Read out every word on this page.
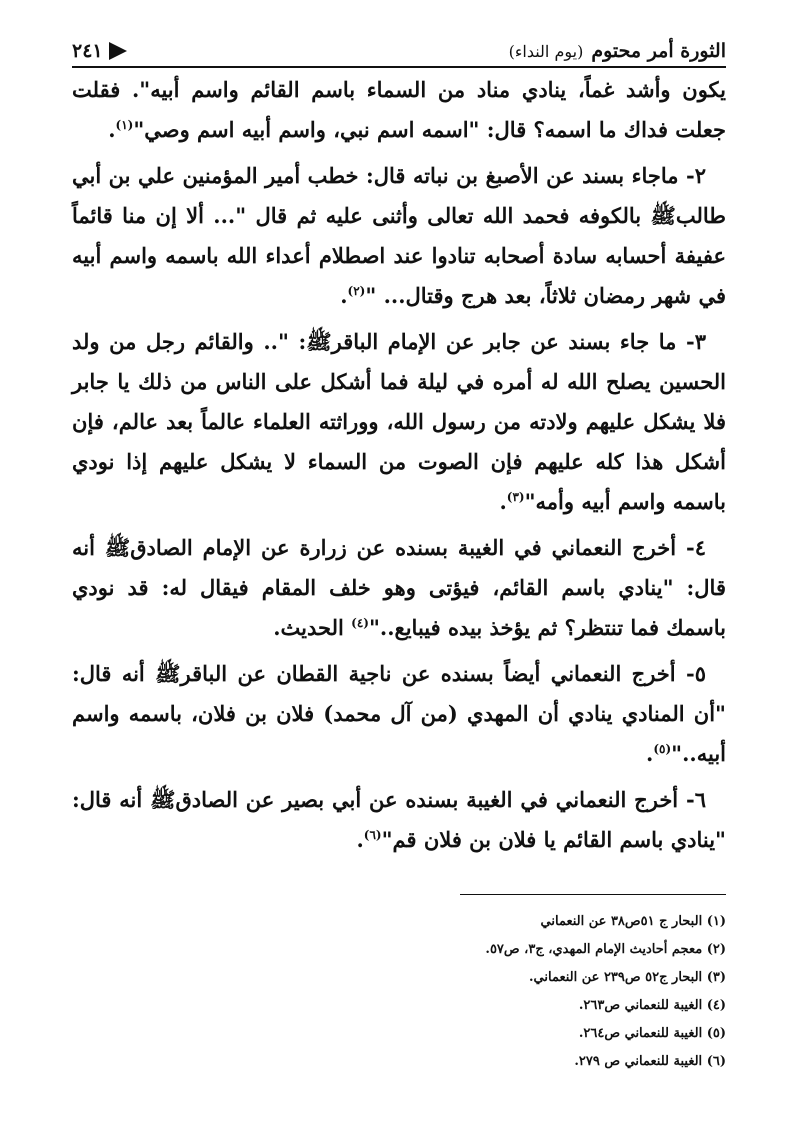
الثورة أمر محتوم
(يوم النداء)
٢٤١

يكون وأشد غماً، ينادي مناد من السماء باسم القائم واسم أبيه". فقلت جعلت فداك ما اسمه؟ قال: "اسمه اسم نبي، واسم أبيه اسم وصي"$^{(١)}$.

٢- ماجاء بسند عن الأصبغ بن نباته قال: خطب أمير المؤمنين علي بن أبي طالبﷺ بالكوفه فحمد الله تعالى وأثنى عليه ثم قال "... ألا إن منا قائماً عفيفة أحسابه سادة أصحابه تنادوا عند اصطلام أعداء الله باسمه واسم أبيه في شهر رمضان ثلاثاً، بعد هرج وقتال... "$^{(٢)}$.

٣- ما جاء بسند عن جابر عن الإمام الباقرﷺ: ".. والقائم رجل من ولد الحسين يصلح الله له أمره في ليلة فما أشكل على الناس من ذلك يا جابر فلا يشكل عليهم ولادته من رسول الله، ووراثته العلماء عالماً بعد عالم، فإن أشكل هذا كله عليهم فإن الصوت من السماء لا يشكل عليهم إذا نودي باسمه واسم أبيه وأمه"$^{(٣)}$.

٤- أخرج النعماني في الغيبة بسنده عن زرارة عن الإمام الصادقﷺ أنه قال: "ينادي باسم القائم، فيؤتى وهو خلف المقام فيقال له: قد نودي باسمك فما تنتظر؟ ثم يؤخذ بيده فيبايع.."$^{(٤)}$ الحديث.

٥- أخرج النعماني أيضاً بسنده عن ناجية القطان عن الباقرﷺ أنه قال: "أن المنادي ينادي أن المهدي (من آل محمد) فلان بن فلان، باسمه واسم أبيه.."$^{(٥)}$.

٦- أخرج النعماني في الغيبة بسنده عن أبي بصير عن الصادقﷺ أنه قال: "ينادي باسم القائم يا فلان بن فلان قم"$^{(٦)}$.

(١) البحار ج ٥١ص٣٨ عن النعماني
(٢) معجم أحاديث الإمام المهدي، ج٣، ص٥٧.
(٣) البحار ج٥٢ ص٢٣٩ عن النعماني.
(٤) الغيبة للنعماني ص٢٦٣.
(٥) الغيبة للنعماني ص٢٦٤.
(٦) الغيبة للنعماني ص ٢٧٩.
